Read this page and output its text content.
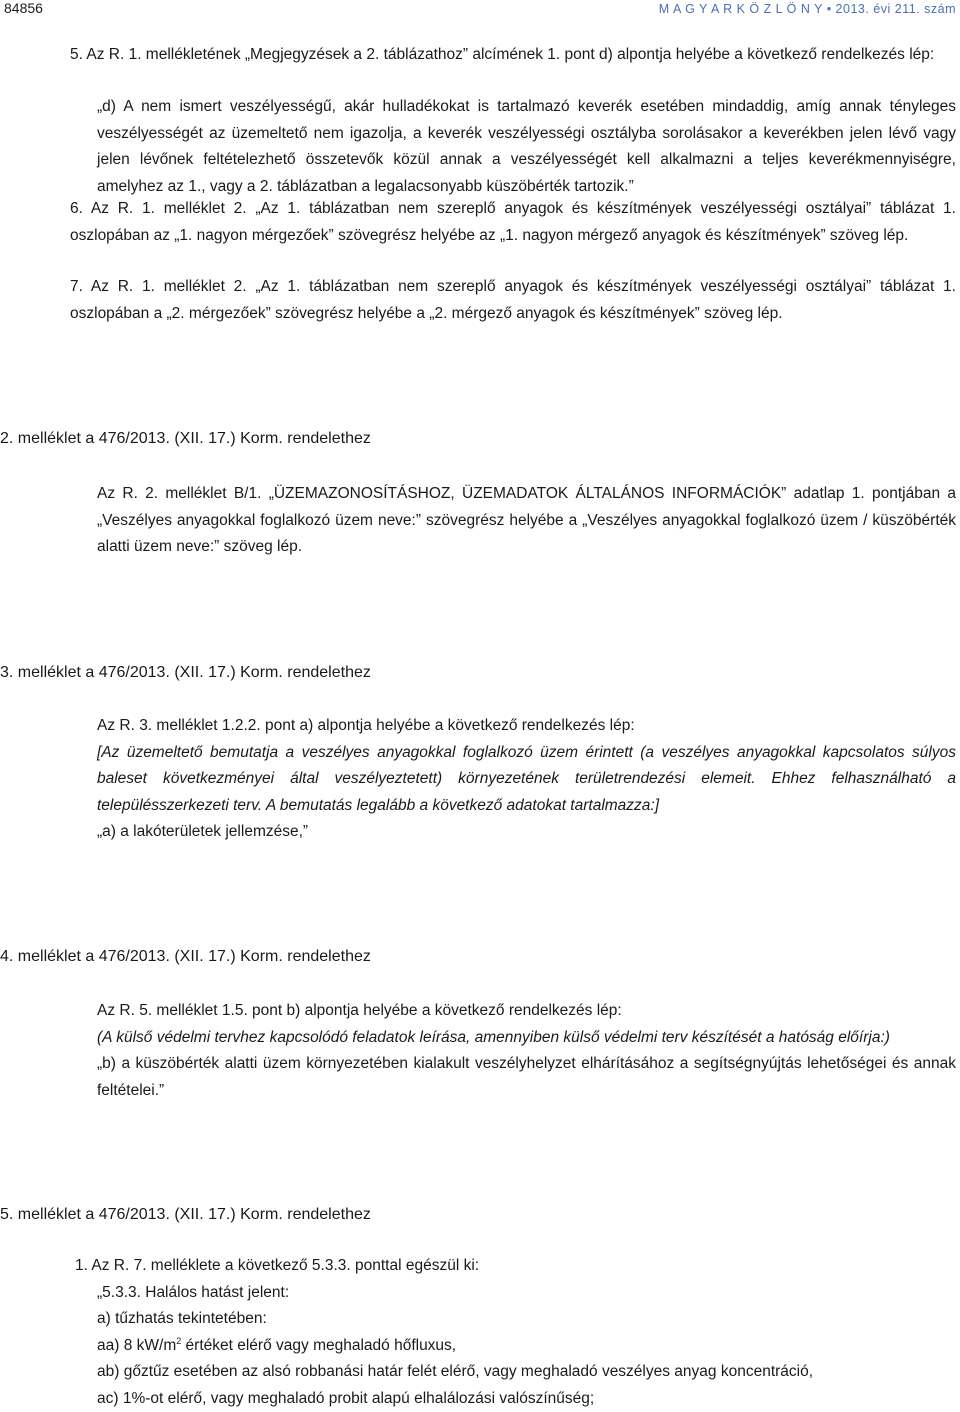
84856	M A G Y A R K Ö Z L Ö N Y • 2013. évi 211. szám

5. Az R. 1. mellékletének „Megjegyzések a 2. táblázathoz” alcímének 1. pont d) alpontja helyébe a következő rendelkezés lép:

„d) A nem ismert veszélyességű, akár hulladékokat is tartalmazó keverék esetében mindaddig, amíg annak tényleges veszélyességét az üzemeltető nem igazolja, a keverék veszélyességi osztályba sorolásakor a keverékben jelen lévő vagy jelen lévőnek feltételezhető összetevők közül annak a veszélyességét kell alkalmazni a teljes keverékmennyiségre, amelyhez az 1., vagy a 2. táblázatban a legalacsonyabb küszöbérték tartozik.”

6. Az R. 1. melléklet 2. „Az 1. táblázatban nem szereplő anyagok és készítmények veszélyességi osztályai” táblázat 1. oszlopában az „1. nagyon mérgezőek” szövegrész helyébe az „1. nagyon mérgező anyagok és készítmények” szöveg lép.

7. Az R. 1. melléklet 2. „Az 1. táblázatban nem szereplő anyagok és készítmények veszélyességi osztályai” táblázat 1. oszlopában a „2. mérgezőek” szövegrész helyébe a „2. mérgező anyagok és készítmények” szöveg lép.

2. melléklet a 476/2013. (XII. 17.) Korm. rendelethez

Az R. 2. melléklet B/1. „ÜZEMAZONOSÍTÁSHOZ, ÜZEMADATOK ÁLTALÁNOS INFORMÁCIÓK” adatlap 1. pontjában a „Veszélyes anyagokkal foglalkozó üzem neve:” szövegrész helyébe a „Veszélyes anyagokkal foglalkozó üzem / küszöbérték alatti üzem neve:” szöveg lép.

3. melléklet a 476/2013. (XII. 17.) Korm. rendelethez

Az R. 3. melléklet 1.2.2. pont a) alpontja helyébe a következő rendelkezés lép:

[Az üzemeltető bemutatja a veszélyes anyagokkal foglalkozó üzem érintett (a veszélyes anyagokkal kapcsolatos súlyos baleset következményei által veszélyeztetett) környezetének területrendezési elemeit. Ehhez felhasználható a településszerkezeti terv. A bemutatás legalább a következő adatokat tartalmazza:]

„a) a lakóterületek jellemzése,”

4. melléklet a 476/2013. (XII. 17.) Korm. rendelethez

Az R. 5. melléklet 1.5. pont b) alpontja helyébe a következő rendelkezés lép:

(A külső védelmi tervhez kapcsolódó feladatok leírása, amennyiben külső védelmi terv készítését a hatóság előírja:)

„b) a küszöbérték alatti üzem környezetében kialakult veszélyhelyzet elhárításához a segítségnyújtás lehetőségei és annak feltételei.”

5. melléklet a 476/2013. (XII. 17.) Korm. rendelethez

1. Az R. 7. melléklete a következő 5.3.3. ponttal egészül ki:

„5.3.3. Halálos hatást jelent:

a) tűzhatás tekintetében:

aa) 8 $kW/m^2$ értéket elérő vagy meghaladó hőfluxus,

ab) gőztűz esetében az alsó robbanási határ felét elérő, vagy meghaladó veszélyes anyag koncentráció,

ac) 1%-ot elérő, vagy meghaladó probit alapú elhalálozási valószínűség;
